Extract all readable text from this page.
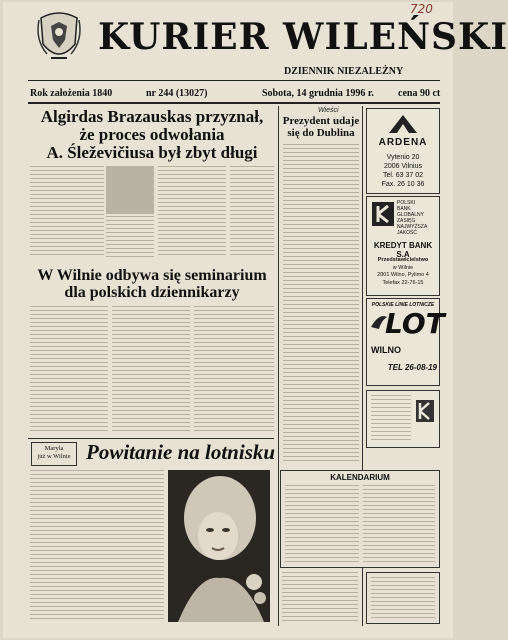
720
KURIER WILEŃSKI
DZIENNIK NIEZALEŻNY
Rok założenia 1840	nr 244 (13027)	Sobota, 14 grudnia 1996 r. cena 90 ct
Algirdas Brazauskas przyznał,
że proces odwołania
A. Śleževičiusa był zbyt długi
W Wilnie odbywa się seminarium
dla polskich dziennikarzy
Wieści
Prezydent udaje
się do Dublina
ARDENA
Vytenio 20
2006 Vilnius
Tel. 63 37 02
Fax. 26 10 36
POLSKI
BANK
GLOBALNY
ZASIĘG
NAJWYŻSZA
JAKOŚĆ
KREDYT BANK S.A
Przedstawicielstwo
w Wilnie
2001 Wilno, Pylimo 4
Telefax 22-76-15
POLSKIE LINIE LOTNICZE
LOT
WILNO
TEL 26-08-19
Maryla
już w Wilnie Powitanie na lotnisku
KALENDARIUM
